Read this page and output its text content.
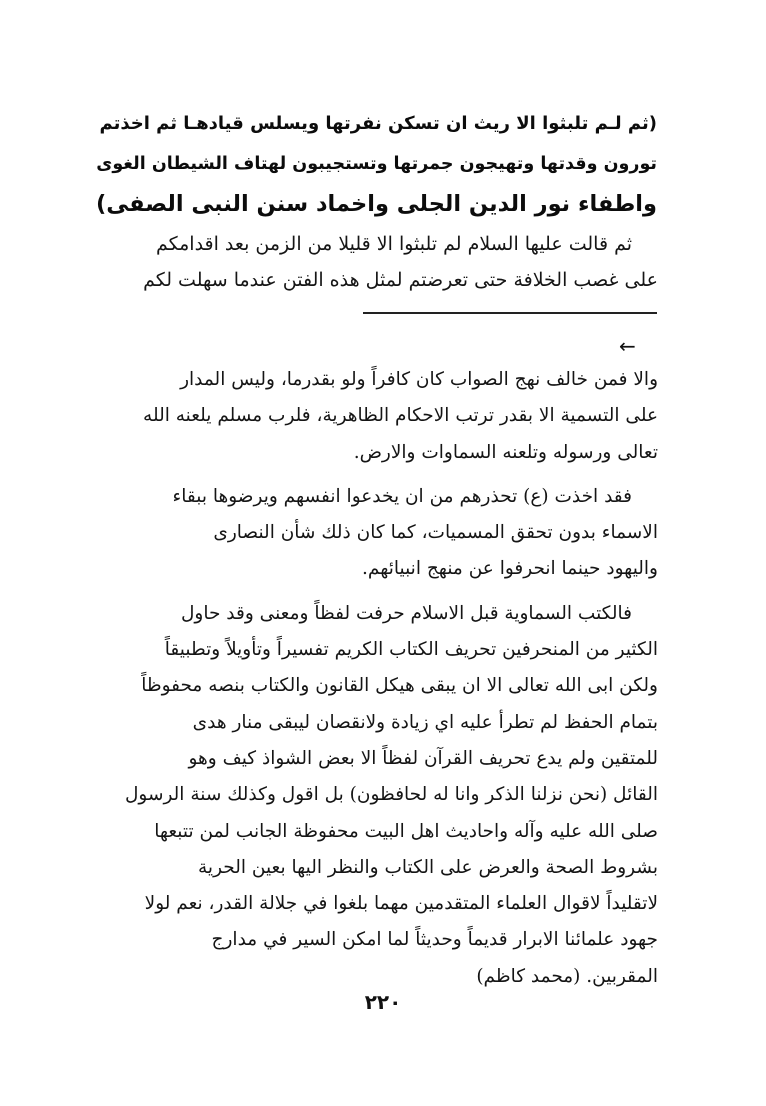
(ثم لـم تلبثوا الا ريث ان تسكن نفرتها ويسلس قيادهـا ثم اخذتم
تورون وقدتها وتهيجون جمرتها وتستجيبون لهتاف الشيطان الغوى
واطفاء نور الدين الجلى واخماد سنن النبى الصفى)
ثم قالت عليها السلام لم تلبثوا الا قليلا من الزمن بعد اقدامكم
على غصب الخلافة حتى تعرضتم لمثل هذه الفتن عندما سهلت لكم
←
والا فمن خالف نهج الصواب كان كافراً ولو بقدرما، وليس المدار
على التسمية الا بقدر ترتب الاحكام الظاهرية، فلرب مسلم يلعنه الله
تعالى ورسوله وتلعنه السماوات والارض.
فقد اخذت (ع) تحذرهم من ان يخدعوا انفسهم ويرضوها ببقاء
الاسماء بدون تحقق المسميات، كما كان ذلك شأن النصارى
واليهود حينما انحرفوا عن منهج انبيائهم.
فالكتب السماوية قبل الاسلام حرفت لفظاً ومعنى وقد حاول
الكثير من المنحرفين تحريف الكتاب الكريم تفسيراً وتأويلاً وتطبيقاً
ولكن ابى الله تعالى الا ان يبقى هيكل القانون والكتاب بنصه محفوظاً
بتمام الحفظ لم تطرأ عليه اي زيادة ولانقصان ليبقى منار هدى
للمتقين ولم يدع تحريف القرآن لفظاً الا بعض الشواذ كيف وهو
القائل (نحن نزلنا الذكر وانا له لحافظون) بل اقول وكذلك سنة الرسول
صلى الله عليه وآله واحاديث اهل البيت محفوظة الجانب لمن تتبعها
بشروط الصحة والعرض على الكتاب والنظر اليها بعين الحرية
لاتقليداً لاقوال العلماء المتقدمين مهما بلغوا في جلالة القدر، نعم لولا
جهود علمائنا الابرار قديماً وحديثاً لما امكن السير في مدارج
المقربين. (محمد كاظم)
٢٢٠
